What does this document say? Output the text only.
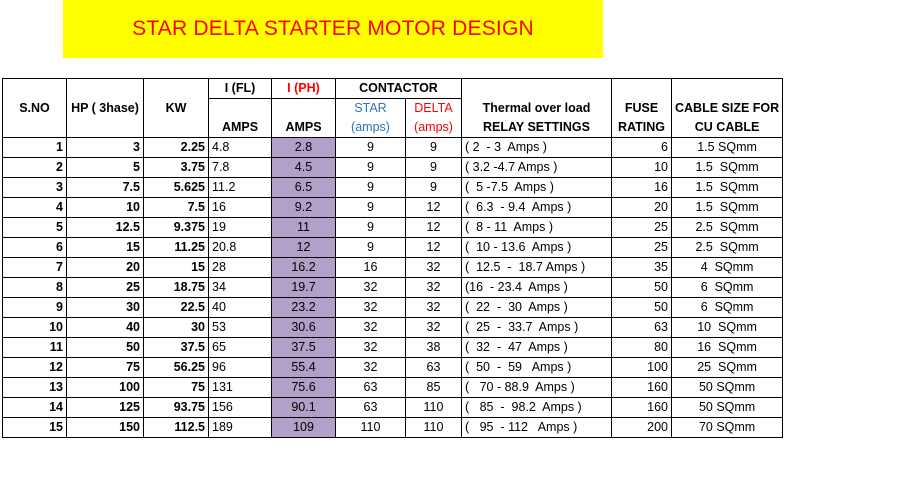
STAR DELTA STARTER MOTOR DESIGN
			I (FL)	I (PH)	CONTACTOR				
S.NO	HP ( 3hase)	KW			STAR	DELTA	Thermal over load	FUSE	CABLE SIZE FOR
			AMPS	AMPS	(amps)	(amps)	RELAY SETTINGS	RATING	CU CABLE
1	3	2.25	4.8	2.8	9	9	( 2  - 3  Amps )	6	1.5 SQmm
2	5	3.75	7.8	4.5	9	9	( 3.2 -4.7 Amps )	10	1.5  SQmm
3	7.5	5.625	11.2	6.5	9	9	(  5 -7.5  Amps )	16	1.5  SQmm
4	10	7.5	16	9.2	9	12	(  6.3  - 9.4  Amps )	20	1.5  SQmm
5	12.5	9.375	19	11	9	12	(  8 - 11  Amps )	25	2.5  SQmm
6	15	11.25	20.8	12	9	12	(  10 - 13.6  Amps )	25	2.5  SQmm
7	20	15	28	16.2	16	32	(  12.5  -  18.7 Amps )	35	4  SQmm
8	25	18.75	34	19.7	32	32	(16  - 23.4  Amps )	50	6  SQmm
9	30	22.5	40	23.2	32	32	(  22  -  30  Amps )	50	6  SQmm
10	40	30	53	30.6	32	32	(  25  -  33.7  Amps )	63	10  SQmm
11	50	37.5	65	37.5	32	38	(  32  -  47  Amps )	80	16  SQmm
12	75	56.25	96	55.4	32	63	(  50  -  59   Amps )	100	25  SQmm
13	100	75	131	75.6	63	85	(   70 - 88.9  Amps )	160	50 SQmm
14	125	93.75	156	90.1	63	110	(   85  -  98.2  Amps )	160	50 SQmm
15	150	112.5	189	109	110	110	(   95  - 112   Amps )	200	70 SQmm
